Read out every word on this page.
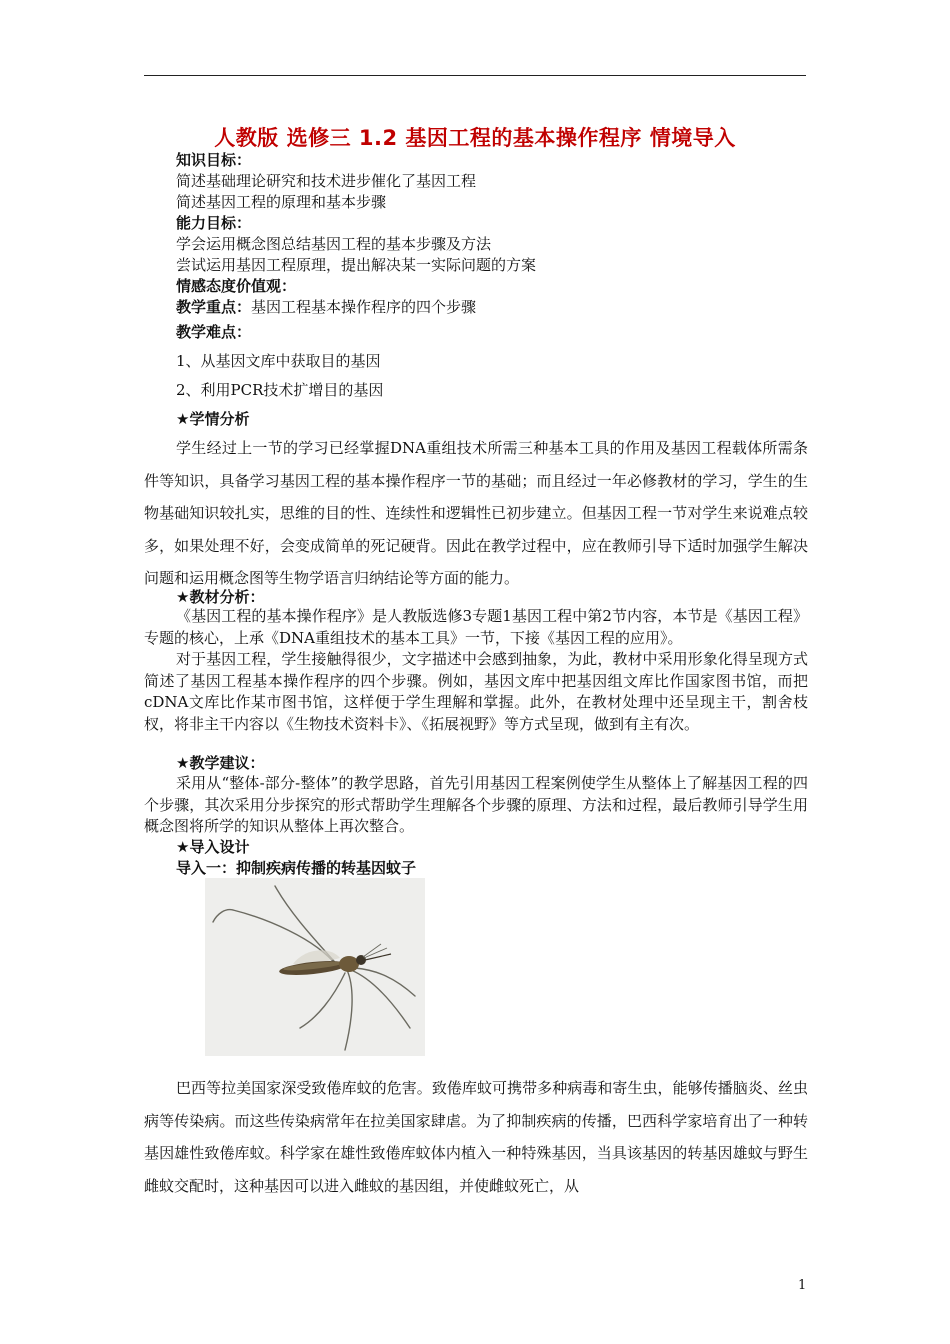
人教版 选修三 1.2 基因工程的基本操作程序 情境导入
知识目标：
简述基础理论研究和技术进步催化了基因工程
简述基因工程的原理和基本步骤
能力目标：
学会运用概念图总结基因工程的基本步骤及方法
尝试运用基因工程原理，提出解决某一实际问题的方案
情感态度价值观：
教学重点：基因工程基本操作程序的四个步骤
教学难点：
1、从基因文库中获取目的基因
2、利用PCR技术扩增目的基因
★学情分析

学生经过上一节的学习已经掌握DNA重组技术所需三种基本工具的作用及基因工程载体所需条件等知识，具备学习基因工程的基本操作程序一节的基础；而且经过一年必修教材的学习，学生的生物基础知识较扎实，思维的目的性、连续性和逻辑性已初步建立。但基因工程一节对学生来说难点较多，如果处理不好，会变成简单的死记硬背。因此在教学过程中，应在教师引导下适时加强学生解决问题和运用概念图等生物学语言归纳结论等方面的能力。

★教材分析：

《基因工程的基本操作程序》是人教版选修3专题1基因工程中第2节内容，本节是《基因工程》专题的核心，上承《DNA重组技术的基本工具》一节，下接《基因工程的应用》。

对于基因工程，学生接触得很少，文字描述中会感到抽象，为此，教材中采用形象化得呈现方式简述了基因工程基本操作程序的四个步骤。例如，基因文库中把基因组文库比作国家图书馆，而把cDNA文库比作某市图书馆，这样便于学生理解和掌握。此外，在教材处理中还呈现主干，割舍枝杈，将非主干内容以《生物技术资料卡》、《拓展视野》等方式呈现，做到有主有次。

★教学建议：

采用从“整体-部分-整体”的教学思路，首先引用基因工程案例使学生从整体上了解基因工程的四个步骤，其次采用分步探究的形式帮助学生理解各个步骤的原理、方法和过程，最后教师引导学生用概念图将所学的知识从整体上再次整合。

★导入设计
导入一：抑制疾病传播的转基因蚊子

巴西等拉美国家深受致倦库蚊的危害。致倦库蚊可携带多种病毒和寄生虫，能够传播脑炎、丝虫病等传染病。而这些传染病常年在拉美国家肆虐。为了抑制疾病的传播，巴西科学家培育出了一种转基因雄性致倦库蚊。科学家在雄性致倦库蚊体内植入一种特殊基因，当具该基因的转基因雄蚊与野生雌蚊交配时，这种基因可以进入雌蚊的基因组，并使雌蚊死亡，从

1
